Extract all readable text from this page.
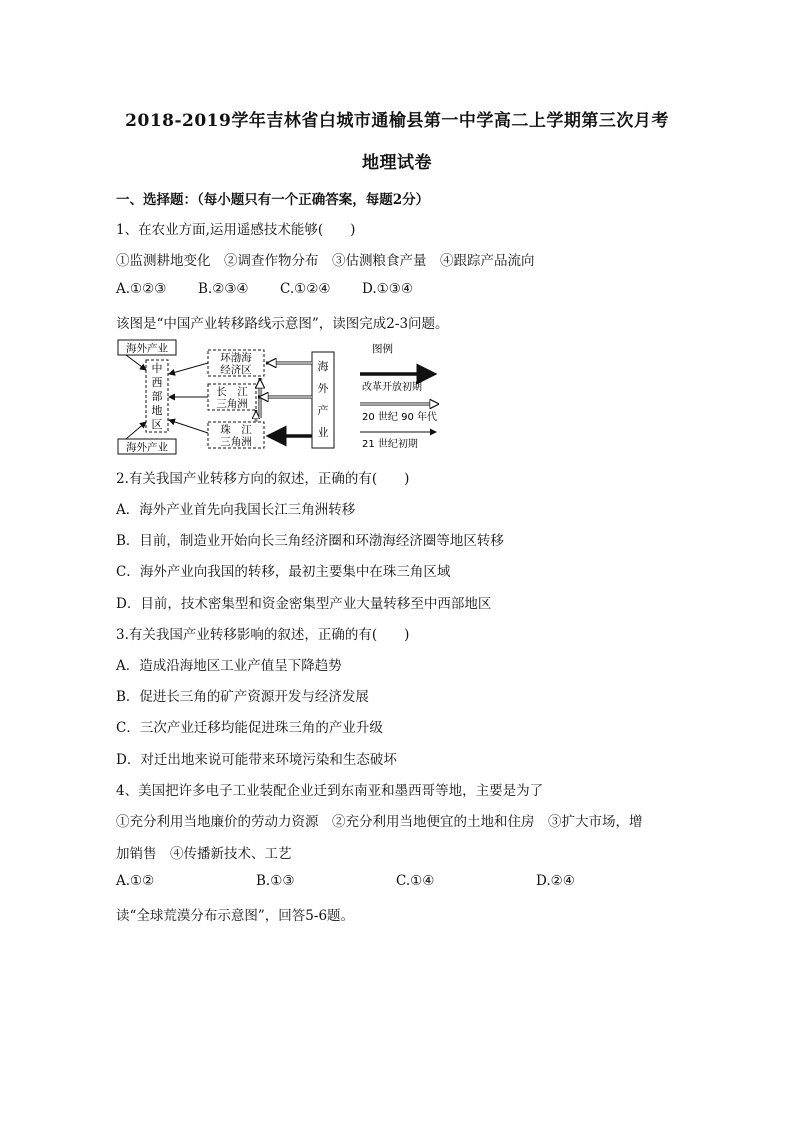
2018-2019学年吉林省白城市通榆县第一中学高二上学期第三次月考
地理试卷
一、选择题：（每小题只有一个正确答案，每题2分）
1、在农业方面,运用遥感技术能够(　　)
①监测耕地变化　②调查作物分布　③估测粮食产量　④跟踪产品流向
A.①②③ B.②③④ C.①②④ D.①③④
该图是“中国产业转移路线示意图”，读图完成2-3问题。
海外产业
海外产业
中
西
部
地
区
环渤海
经济区
长　江
三角洲
珠　江
三角洲
海
外
产
业
图例
改革开放初期
20 世纪 90 年代
21 世纪初期
2.有关我国产业转移方向的叙述，正确的有(　　)
A．海外产业首先向我国长江三角洲转移
B．目前，制造业开始向长三角经济圈和环渤海经济圈等地区转移
C．海外产业向我国的转移，最初主要集中在珠三角区域
D．目前，技术密集型和资金密集型产业大量转移至中西部地区
3.有关我国产业转移影响的叙述，正确的有(　　)
A．造成沿海地区工业产值呈下降趋势
B．促进长三角的矿产资源开发与经济发展
C．三次产业迁移均能促进珠三角的产业升级
D．对迁出地来说可能带来环境污染和生态破坏
4、美国把许多电子工业装配企业迁到东南亚和墨西哥等地，主要是为了
①充分利用当地廉价的劳动力资源　②充分利用当地便宜的土地和住房　③扩大市场，增
加销售　④传播新技术、工艺
A.①②	B.①③	C.①④	D.②④
读“全球荒漠分布示意图”，回答5-6题。
